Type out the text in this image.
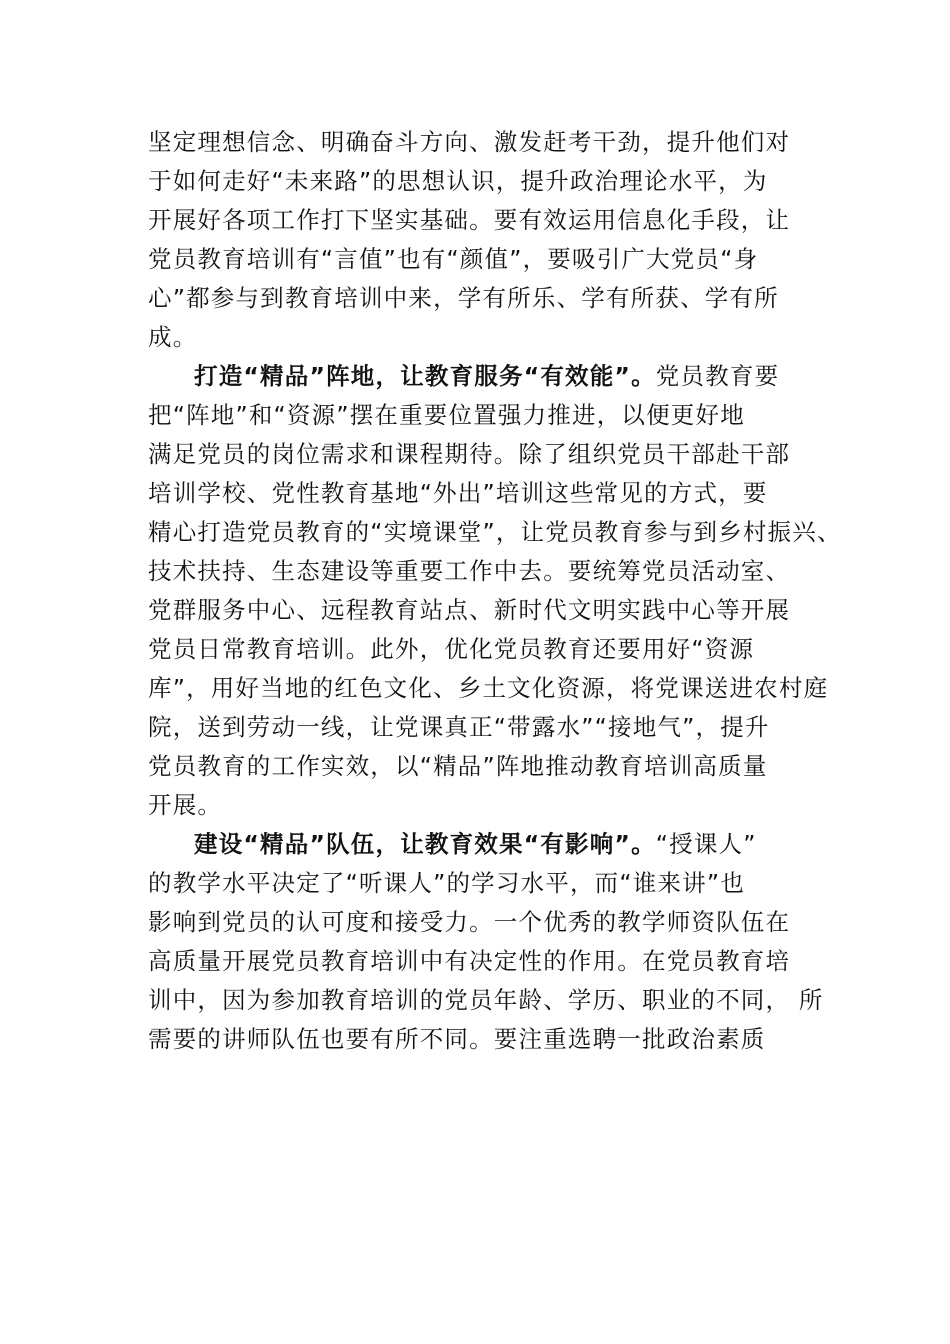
坚定理想信念、明确奋斗方向、激发赶考干劲，提升他们对
于如何走好“未来路”的思想认识，提升政治理论水平，为
开展好各项工作打下坚实基础。要有效运用信息化手段，让
党员教育培训有“言值”也有“颜值”，要吸引广大党员“身
心”都参与到教育培训中来，学有所乐、学有所获、学有所
成。
打造“精品”阵地，让教育服务“有效能”。党员教育要
把“阵地”和“资源”摆在重要位置强力推进，以便更好地
满足党员的岗位需求和课程期待。除了组织党员干部赴干部
培训学校、党性教育基地“外出”培训这些常见的方式，要
精心打造党员教育的“实境课堂”，让党员教育参与到乡村振兴、
技术扶持、生态建设等重要工作中去。要统筹党员活动室、
党群服务中心、远程教育站点、新时代文明实践中心等开展
党员日常教育培训。此外，优化党员教育还要用好“资源
库”，用好当地的红色文化、乡土文化资源，将党课送进农村庭
院，送到劳动一线，让党课真正“带露水”“接地气”，提升
党员教育的工作实效，以“精品”阵地推动教育培训高质量
开展。
建设“精品”队伍，让教育效果“有影响”。“授课人”
的教学水平决定了“听课人”的学习水平，而“谁来讲”也
影响到党员的认可度和接受力。一个优秀的教学师资队伍在
高质量开展党员教育培训中有决定性的作用。在党员教育培
训中，因为参加教育培训的党员年龄、学历、职业的不同， 所
需要的讲师队伍也要有所不同。要注重选聘一批政治素质
